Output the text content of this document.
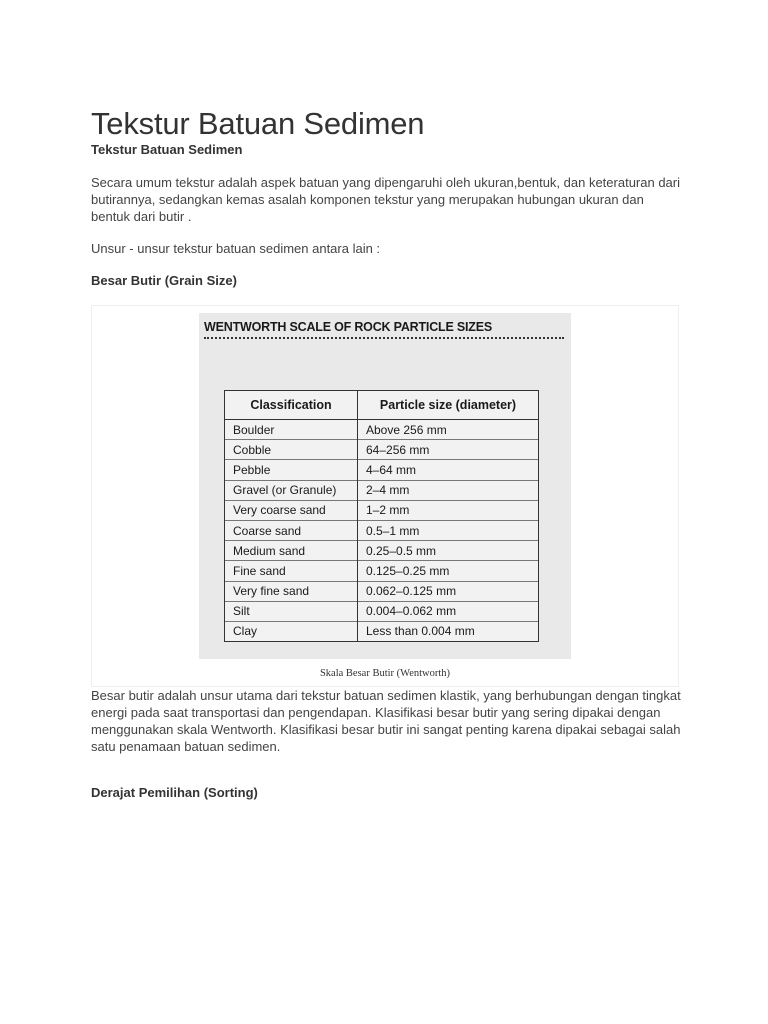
Tekstur Batuan Sedimen
Tekstur Batuan Sedimen

Secara umum tekstur adalah aspek batuan yang dipengaruhi oleh ukuran,bentuk, dan keteraturan dari butirannya, sedangkan kemas asalah komponen tekstur yang merupakan hubungan ukuran dan bentuk dari butir .

Unsur - unsur tekstur batuan sedimen antara lain :

Besar Butir (Grain Size)
WENTWORTH SCALE OF ROCK PARTICLE SIZES
Classification	Particle size (diameter)
Boulder	Above 256 mm
Cobble	64–256 mm
Pebble	4–64 mm
Gravel (or Granule)	2–4 mm
Very coarse sand	1–2 mm
Coarse sand	0.5–1 mm
Medium sand	0.25–0.5 mm
Fine sand	0.125–0.25 mm
Very fine sand	0.062–0.125 mm
Silt	0.004–0.062 mm
Clay	Less than 0.004 mm
Skala Besar Butir (Wentworth)

Besar butir adalah unsur utama dari tekstur batuan sedimen klastik, yang berhubungan dengan tingkat energi pada saat transportasi dan pengendapan. Klasifikasi besar butir yang sering dipakai dengan menggunakan skala Wentworth. Klasifikasi besar butir ini sangat penting karena dipakai sebagai salah satu penamaan batuan sedimen.

Derajat Pemilihan (Sorting)
